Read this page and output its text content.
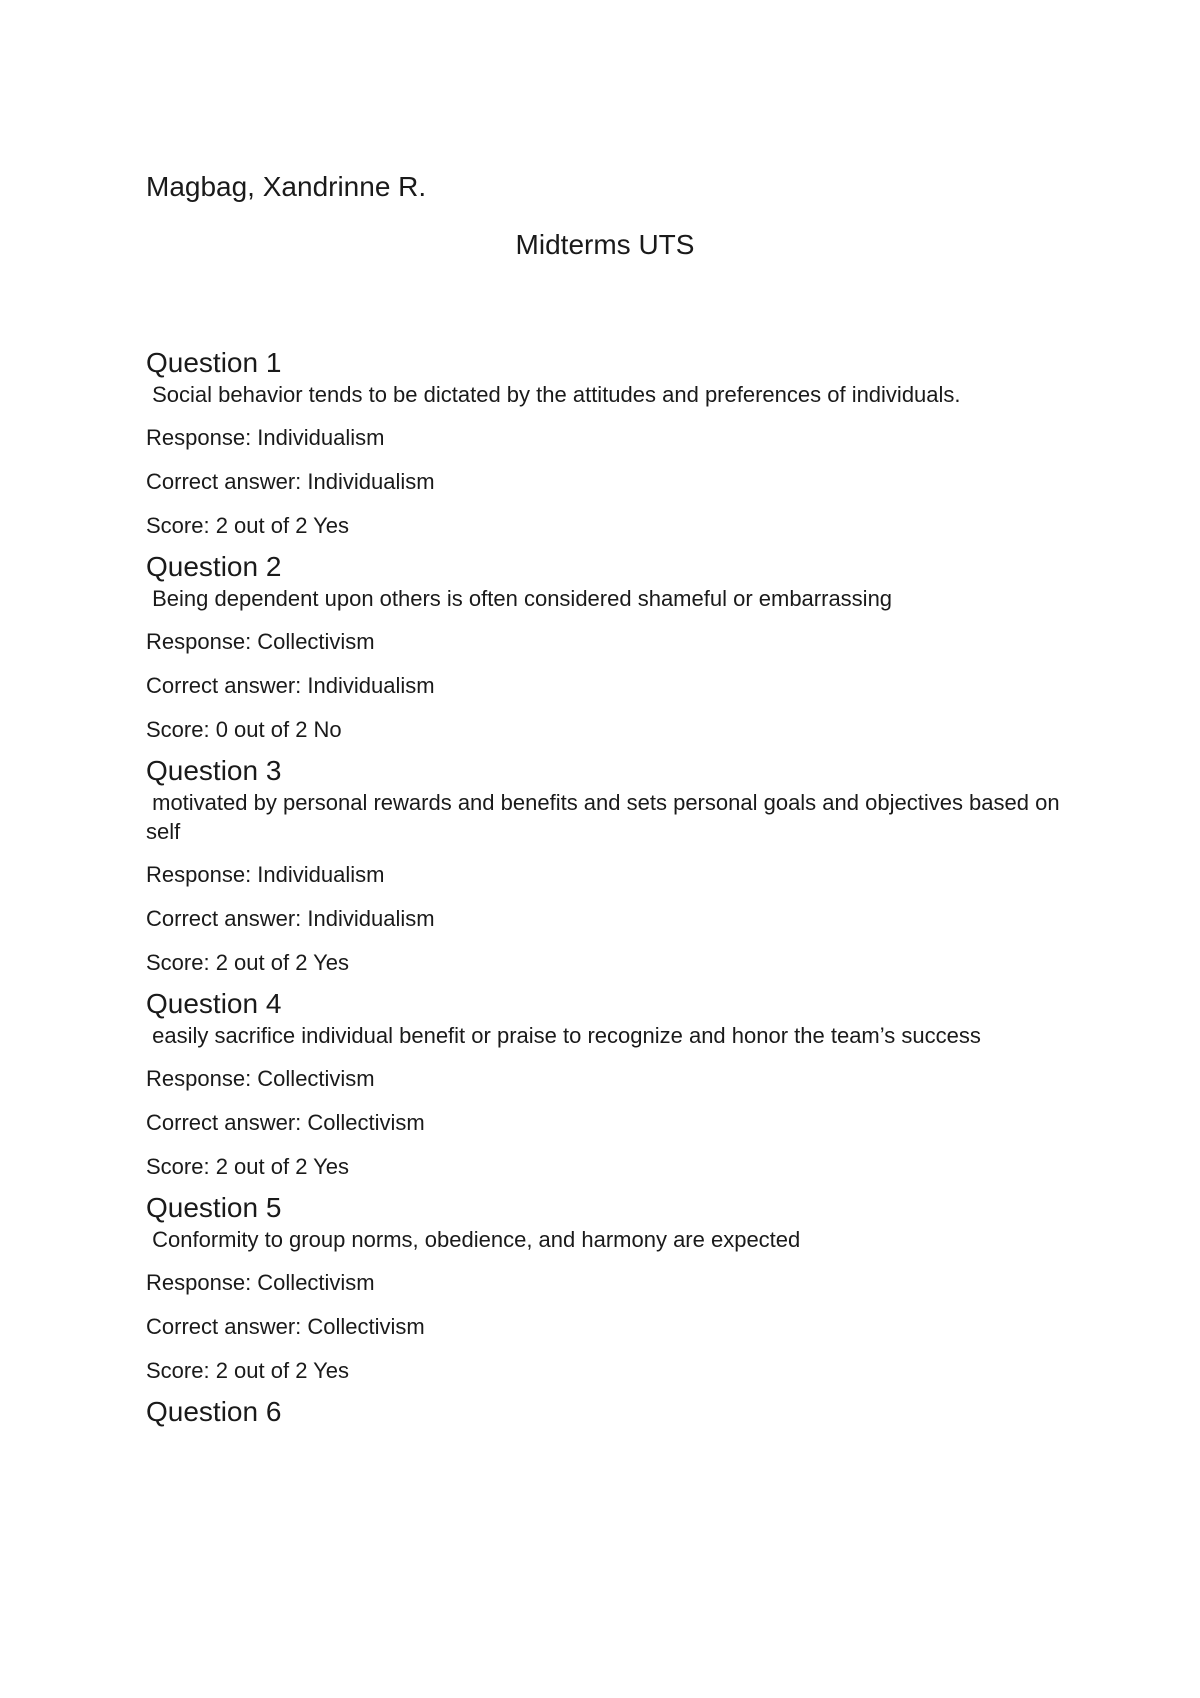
Magbag, Xandrinne R.
Midterms UTS
Question 1

Social behavior tends to be dictated by the attitudes and preferences of individuals.

Response: Individualism

Correct answer: Individualism

Score: 2 out of 2 Yes

Question 2

Being dependent upon others is often considered shameful or embarrassing

Response: Collectivism

Correct answer: Individualism

Score: 0 out of 2 No

Question 3

motivated by personal rewards and benefits and sets personal goals and objectives based on self

Response: Individualism

Correct answer: Individualism

Score: 2 out of 2 Yes

Question 4

easily sacrifice individual benefit or praise to recognize and honor the team’s success

Response: Collectivism

Correct answer: Collectivism

Score: 2 out of 2 Yes

Question 5

Conformity to group norms, obedience, and harmony are expected

Response: Collectivism

Correct answer: Collectivism

Score: 2 out of 2 Yes

Question 6
